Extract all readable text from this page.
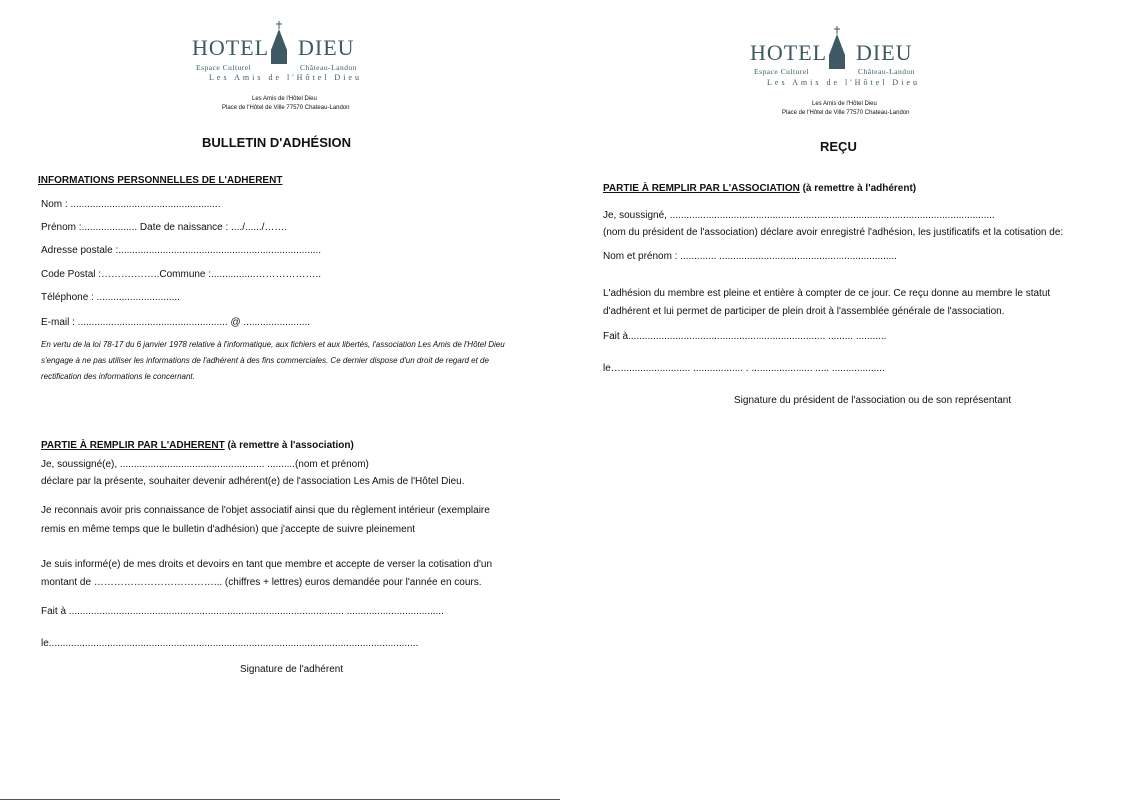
HOTEL DIEU
Espace Culturel	Château-Landon
Les Amis de l'Hôtel Dieu
Les Amis de l'Hôtel Dieu
Place de l'Hôtel de Ville 77570 Chateau-Landon
BULLETIN D'ADHÉSION
INFORMATIONS PERSONNELLES DE L'ADHERENT
Nom : ......................................................
Prénom :.................... Date de naissance : ..../....../…….
Adresse postale :.........................................................................
Code Postal :……….……..Commune :................………………..
Téléphone : ..............................
E-mail : ...................................................... @ ........................
En vertu de la loi 78-17 du 6 janvier 1978 relative à l'informatique, aux fichiers et aux libertés, l'association Les Amis de l'Hôtel Dieu s'engage à ne pas utiliser les informations de l'adhérent à des fins commerciales. Ce dernier dispose d'un droit de regard et de rectification des informations le concernant.
PARTIE À REMPLIR PAR L'ADHERENT (à remettre à l'association)
Je, soussigné(e), .................................................... ..........(nom et prénom)
déclare par la présente, souhaiter devenir adhérent(e) de l'association Les Amis de l'Hôtel Dieu.
Je reconnais avoir pris connaissance de l'objet associatif ainsi que du règlement intérieur (exemplaire
remis en même temps que le bulletin d'adhésion) que j'accepte de suivre pleinement
Je suis informé(e) de mes droits et devoirs en tant que membre et accepte de verser la cotisation d'un
montant de ………………………………... (chiffres + lettres) euros demandée pour l'année en cours.
Fait à ................................................................................................... ...................................
le.....................................................................................................................................
Signature de l'adhérent
HOTEL DIEU
Espace Culturel	Château-Landon
Les Amis de l'Hôtel Dieu
Les Amis de l'Hôtel Dieu
Place de l'Hôtel de Ville 77570 Chateau-Landon
REÇU
PARTIE À REMPLIR PAR L'ASSOCIATION (à remettre à l'adhérent)
Je, soussigné, .....................................................................................................................
(nom du président de l'association) déclare avoir enregistré l'adhésion, les justificatifs et la cotisation de:
Nom et prénom : ............. ................................................................
L'adhésion du membre est pleine et entière à compter de ce jour. Ce reçu donne au membre le statut
d'adhérent et lui permet de participer de plein droit à l'assemblée générale de l'association.
Fait à....................................................................... ......... ...........
le…......................... .................. . ...................... ..... ...................
Signature du président de l'association ou de son représentant
